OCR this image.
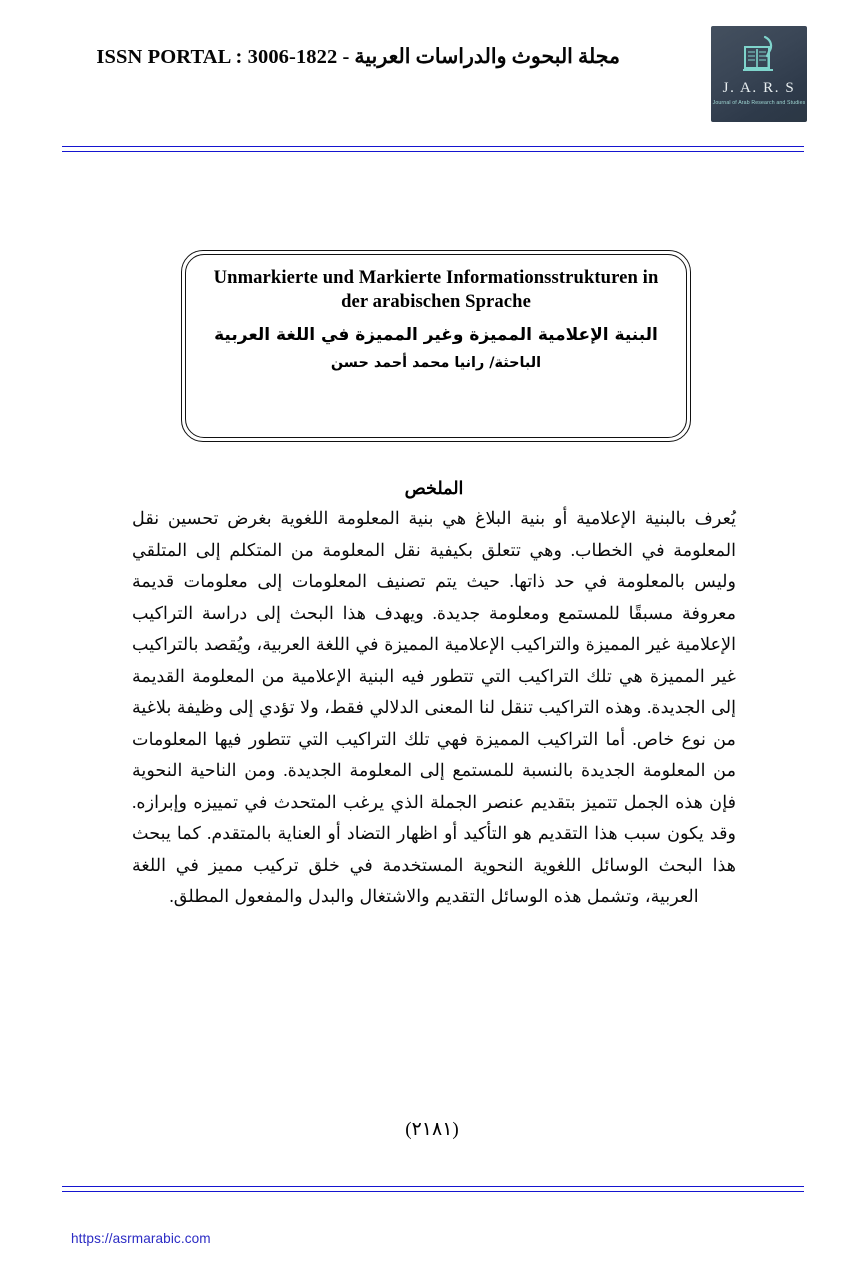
مجلة البحوث والدراسات العربية - ISSN PORTAL : 3006-1822
J. A. R. S
Journal of Arab Research and Studies
Unmarkierte und Markierte Informationsstrukturen in der arabischen Sprache
البنية الإعلامية المميزة وغير المميزة في اللغة العربية
الباحثة/ رانيا محمد أحمد حسن
الملخص
يُعرف بالبنية الإعلامية أو بنية البلاغ هي بنية المعلومة اللغوية بغرض تحسين نقل المعلومة في الخطاب. وهي تتعلق بكيفية نقل المعلومة من المتكلم إلى المتلقي وليس بالمعلومة في حد ذاتها. حيث يتم تصنيف المعلومات إلى معلومات قديمة معروفة مسبقًا للمستمع ومعلومة جديدة. ويهدف هذا البحث إلى دراسة التراكيب الإعلامية غير المميزة والتراكيب الإعلامية المميزة في اللغة العربية، ويُقصد بالتراكيب غير المميزة هي تلك التراكيب التي تتطور فيه البنية الإعلامية من المعلومة القديمة إلى الجديدة. وهذه التراكيب تنقل لنا المعنى الدلالي فقط، ولا تؤدي إلى وظيفة بلاغية من نوع خاص. أما التراكيب المميزة فهي تلك التراكيب التي تتطور فيها المعلومات من المعلومة الجديدة بالنسبة للمستمع إلى المعلومة الجديدة. ومن الناحية النحوية فإن هذه الجمل تتميز بتقديم عنصر الجملة الذي يرغب المتحدث في تمييزه وإبرازه. وقد يكون سبب هذا التقديم هو التأكيد أو اظهار التضاد أو العناية بالمتقدم. كما يبحث هذا البحث الوسائل اللغوية النحوية المستخدمة في خلق تركيب مميز في اللغة العربية، وتشمل هذه الوسائل التقديم والاشتغال والبدل والمفعول المطلق.
(٢١٨١)
https://asrmarabic.com
